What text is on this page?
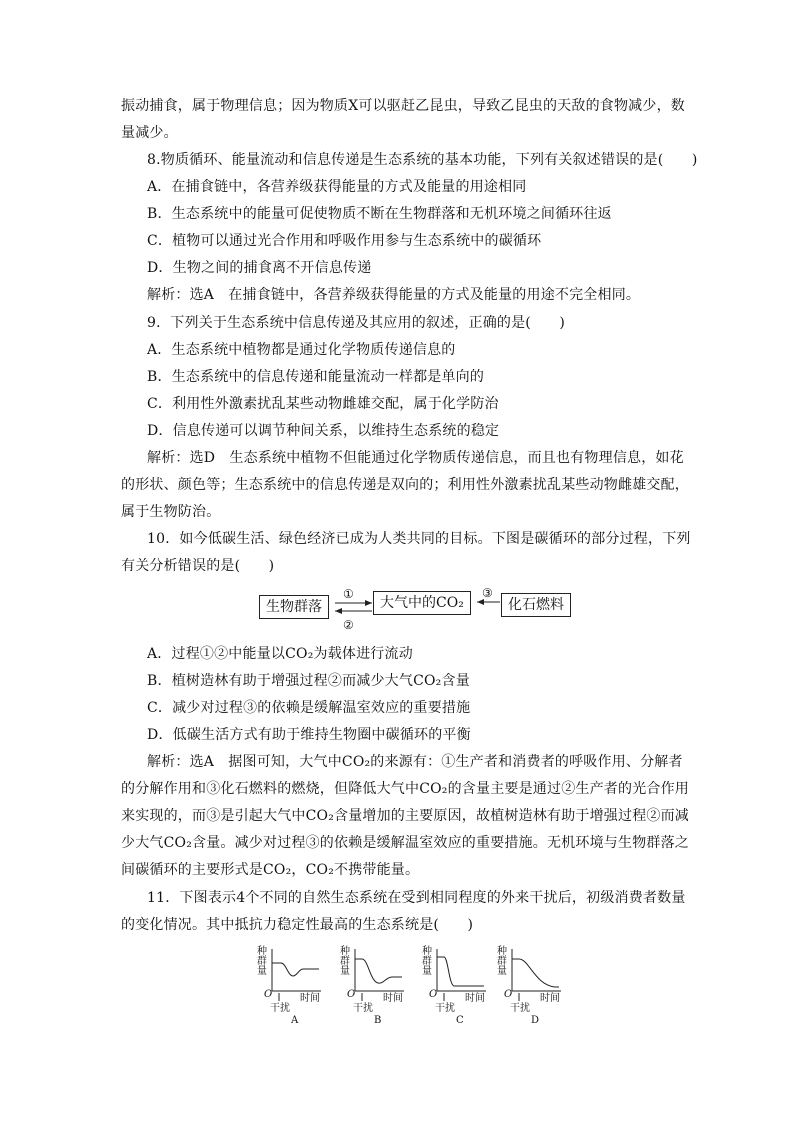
振动捕食，属于物理信息；因为物质X可以驱赶乙昆虫，导致乙昆虫的天敌的食物减少，数
量减少。
8.物质循环、能量流动和信息传递是生态系统的基本功能，下列有关叙述错误的是(　　)
A．在捕食链中，各营养级获得能量的方式及能量的用途相同
B．生态系统中的能量可促使物质不断在生物群落和无机环境之间循环往返
C．植物可以通过光合作用和呼吸作用参与生态系统中的碳循环
D．生物之间的捕食离不开信息传递
解析：选A　在捕食链中，各营养级获得能量的方式及能量的用途不完全相同。
9．下列关于生态系统中信息传递及其应用的叙述，正确的是(　　)
A．生态系统中植物都是通过化学物质传递信息的
B．生态系统中的信息传递和能量流动一样都是单向的
C．利用性外激素扰乱某些动物雌雄交配，属于化学防治
D．信息传递可以调节种间关系，以维持生态系统的稳定
解析：选D　生态系统中植物不但能通过化学物质传递信息，而且也有物理信息，如花
的形状、颜色等；生态系统中的信息传递是双向的；利用性外激素扰乱某些动物雌雄交配，
属于生物防治。
10．如今低碳生活、绿色经济已成为人类共同的目标。下图是碳循环的部分过程，下列
有关分析错误的是(　　)
生物群落	大气中的CO₂	化石燃料
①
②
③
A．过程①②中能量以CO₂为载体进行流动
B．植树造林有助于增强过程②而减少大气CO₂含量
C．减少对过程③的依赖是缓解温室效应的重要措施
D．低碳生活方式有助于维持生物圈中碳循环的平衡
解析：选A　据图可知，大气中CO₂的来源有：①生产者和消费者的呼吸作用、分解者
的分解作用和③化石燃料的燃烧，但降低大气中CO₂的含量主要是通过②生产者的光合作用
来实现的，而③是引起大气中CO₂含量增加的主要原因，故植树造林有助于增强过程②而减
少大气CO₂含量。减少对过程③的依赖是缓解温室效应的重要措施。无机环境与生物群落之
间碳循环的主要形式是CO₂，CO₂不携带能量。
11．下图表示4个不同的自然生态系统在受到相同程度的外来干扰后，初级消费者数量
的变化情况。其中抵抗力稳定性最高的生态系统是(　　)
种
群
量
O	时间
干扰
A
种
群
量
O	时间
干扰
B
种
群
量
O	时间
干扰
C
种
群
量
O	时间
干扰
D
